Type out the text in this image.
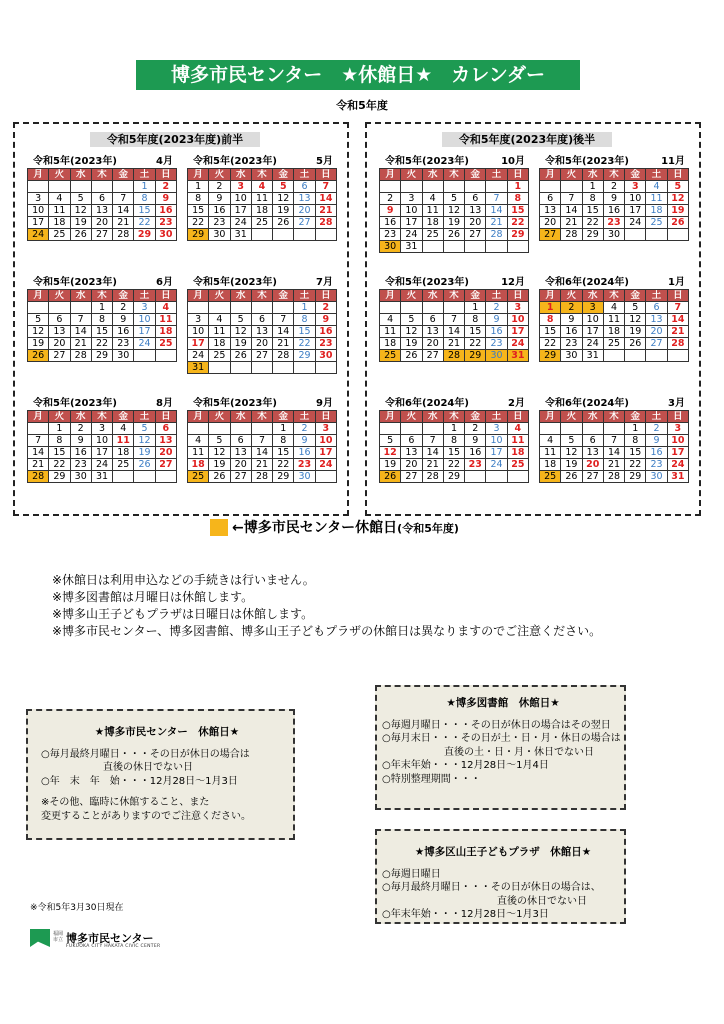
博多市民センター　★休館日★　カレンダー
令和5年度
令和5年度(2023年度)前半	令和5年度(2023年度)後半
4月
令和5年(2023年)
月	火	水	木	金	土	日
					1	2
3	4	5	6	7	8	9
10	11	12	13	14	15	16
17	18	19	20	21	22	23
24	25	26	27	28	29	30
5月
令和5年(2023年)
月	火	水	木	金	土	日
1	2	3	4	5	6	7
8	9	10	11	12	13	14
15	16	17	18	19	20	21
22	23	24	25	26	27	28
29	30	31				
6月
令和5年(2023年)
月	火	水	木	金	土	日
			1	2	3	4
5	6	7	8	9	10	11
12	13	14	15	16	17	18
19	20	21	22	23	24	25
26	27	28	29	30		
7月
令和5年(2023年)
月	火	水	木	金	土	日
					1	2
3	4	5	6	7	8	9
10	11	12	13	14	15	16
17	18	19	20	21	22	23
24	25	26	27	28	29	30
31						
8月
令和5年(2023年)
月	火	水	木	金	土	日
	1	2	3	4	5	6
7	8	9	10	11	12	13
14	15	16	17	18	19	20
21	22	23	24	25	26	27
28	29	30	31			
9月
令和5年(2023年)
月	火	水	木	金	土	日
				1	2	3
4	5	6	7	8	9	10
11	12	13	14	15	16	17
18	19	20	21	22	23	24
25	26	27	28	29	30	
10月
令和5年(2023年)
月	火	水	木	金	土	日
						1
2	3	4	5	6	7	8
9	10	11	12	13	14	15
16	17	18	19	20	21	22
23	24	25	26	27	28	29
30	31					
11月
令和5年(2023年)
月	火	水	木	金	土	日
		1	2	3	4	5
6	7	8	9	10	11	12
13	14	15	16	17	18	19
20	21	22	23	24	25	26
27	28	29	30			
12月
令和5年(2023年)
月	火	水	木	金	土	日
				1	2	3
4	5	6	7	8	9	10
11	12	13	14	15	16	17
18	19	20	21	22	23	24
25	26	27	28	29	30	31
1月
令和6年(2024年)
月	火	水	木	金	土	日
1	2	3	4	5	6	7
8	9	10	11	12	13	14
15	16	17	18	19	20	21
22	23	24	25	26	27	28
29	30	31				
2月
令和6年(2024年)
月	火	水	木	金	土	日
			1	2	3	4
5	6	7	8	9	10	11
12	13	14	15	16	17	18
19	20	21	22	23	24	25
26	27	28	29			
3月
令和6年(2024年)
月	火	水	木	金	土	日
				1	2	3
4	5	6	7	8	9	10
11	12	13	14	15	16	17
18	19	20	21	22	23	24
25	26	27	28	29	30	31
←博多市民センター休館日(令和5年度)
※休館日は利用申込などの手続きは行いません。
※博多図書館は月曜日は休館します。
※博多山王子どもプラザは日曜日は休館します。
※博多市民センター、博多図書館、博多山王子どもプラザの休館日は異なりますのでご注意ください。
★博多市民センター　休館日★
○毎月最終月曜日・・・その日が休日の場合は
直後の休日でない日
○年　末　年　始・・・12月28日～1月3日
※その他、臨時に休館すること、また
変更することがありますのでご注意ください。
★博多図書館　休館日★
○毎週月曜日・・・その日が休日の場合はその翌日
○毎月末日・・・その日が土・日・月・休日の場合は
直後の土・日・月・休日でない日
○年末年始・・・12月28日～1月4日
○特別整理期間・・・
★博多区山王子どもプラザ　休館日★
○毎週日曜日
○毎月最終月曜日・・・その日が休日の場合は、
直後の休日でない日
○年末年始・・・12月28日～1月3日
※令和5年3月30日現在
福岡市立 博多市民センター
FUKUOKA CITY HAKATA CIVIC CENTER
